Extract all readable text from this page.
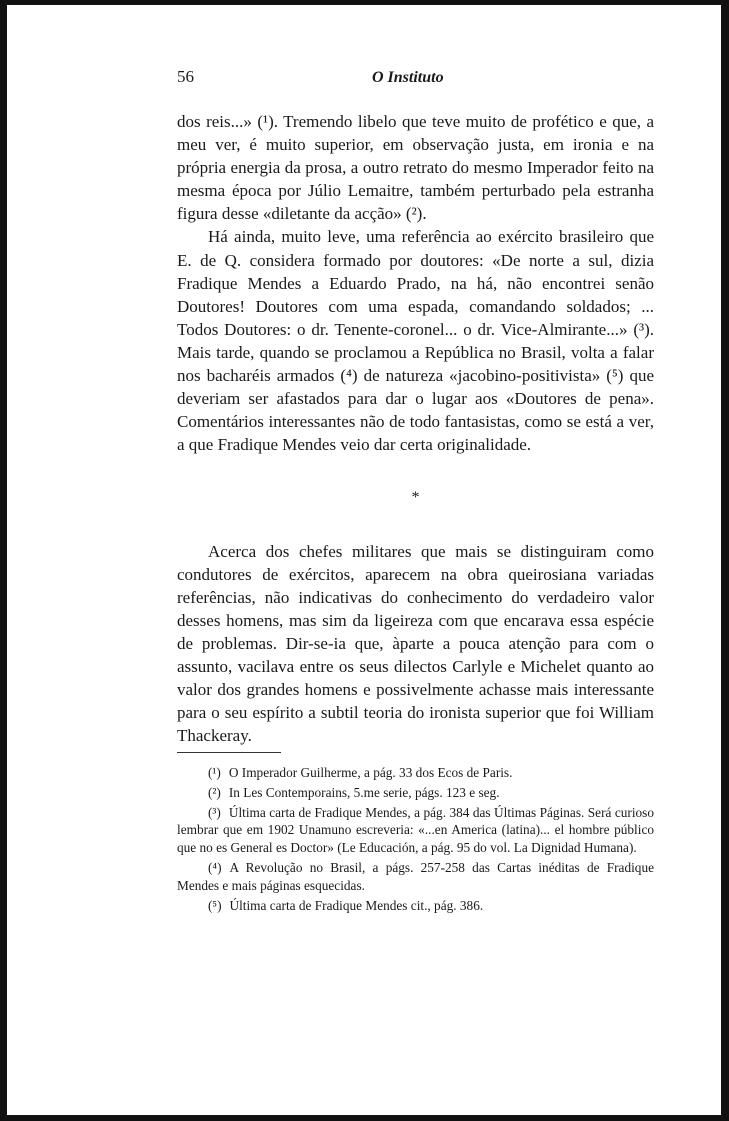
56	O Instituto

dos reis...» (¹). Tremendo libelo que teve muito de profético e que, a meu ver, é muito superior, em observação justa, em ironia e na própria energia da prosa, a outro retrato do mesmo Imperador feito na mesma época por Júlio Lemaitre, também perturbado pela estranha figura desse «diletante da acção» (²).

Há ainda, muito leve, uma referência ao exército brasileiro que E. de Q. considera formado por doutores: «De norte a sul, dizia Fradique Mendes a Eduardo Prado, na há, não encontrei senão Doutores! Doutores com uma espada, comandando soldados; ... Todos Doutores: o dr. Tenente-coronel... o dr. Vice-Almirante...» (³). Mais tarde, quando se proclamou a República no Brasil, volta a falar nos bacharéis armados (⁴) de natureza «jacobino-positivista» (⁵) que deveriam ser afastados para dar o lugar aos «Doutores de pena». Comentários interessantes não de todo fantasistas, como se está a ver, a que Fradique Mendes veio dar certa originalidade.

*

Acerca dos chefes militares que mais se distinguiram como condutores de exércitos, aparecem na obra queirosiana variadas referências, não indicativas do conhecimento do verdadeiro valor desses homens, mas sim da ligeireza com que encarava essa espécie de problemas. Dir-se-ia que, àparte a pouca atenção para com o assunto, vacilava entre os seus dilectos Carlyle e Michelet quanto ao valor dos grandes homens e possivelmente achasse mais interessante para o seu espírito a subtil teoria do ironista superior que foi William Thackeray.

(¹) O Imperador Guilherme, a pág. 33 dos Ecos de Paris.

(²) In Les Contemporains, 5.me serie, págs. 123 e seg.

(³) Última carta de Fradique Mendes, a pág. 384 das Últimas Páginas. Será curioso lembrar que em 1902 Unamuno escreveria: «...en America (latina)... el hombre público que no es General es Doctor» (Le Educación, a pág. 95 do vol. La Dignidad Humana).

(⁴) A Revolução no Brasil, a págs. 257-258 das Cartas inéditas de Fradique Mendes e mais páginas esquecidas.

(⁵) Última carta de Fradique Mendes cit., pág. 386.
